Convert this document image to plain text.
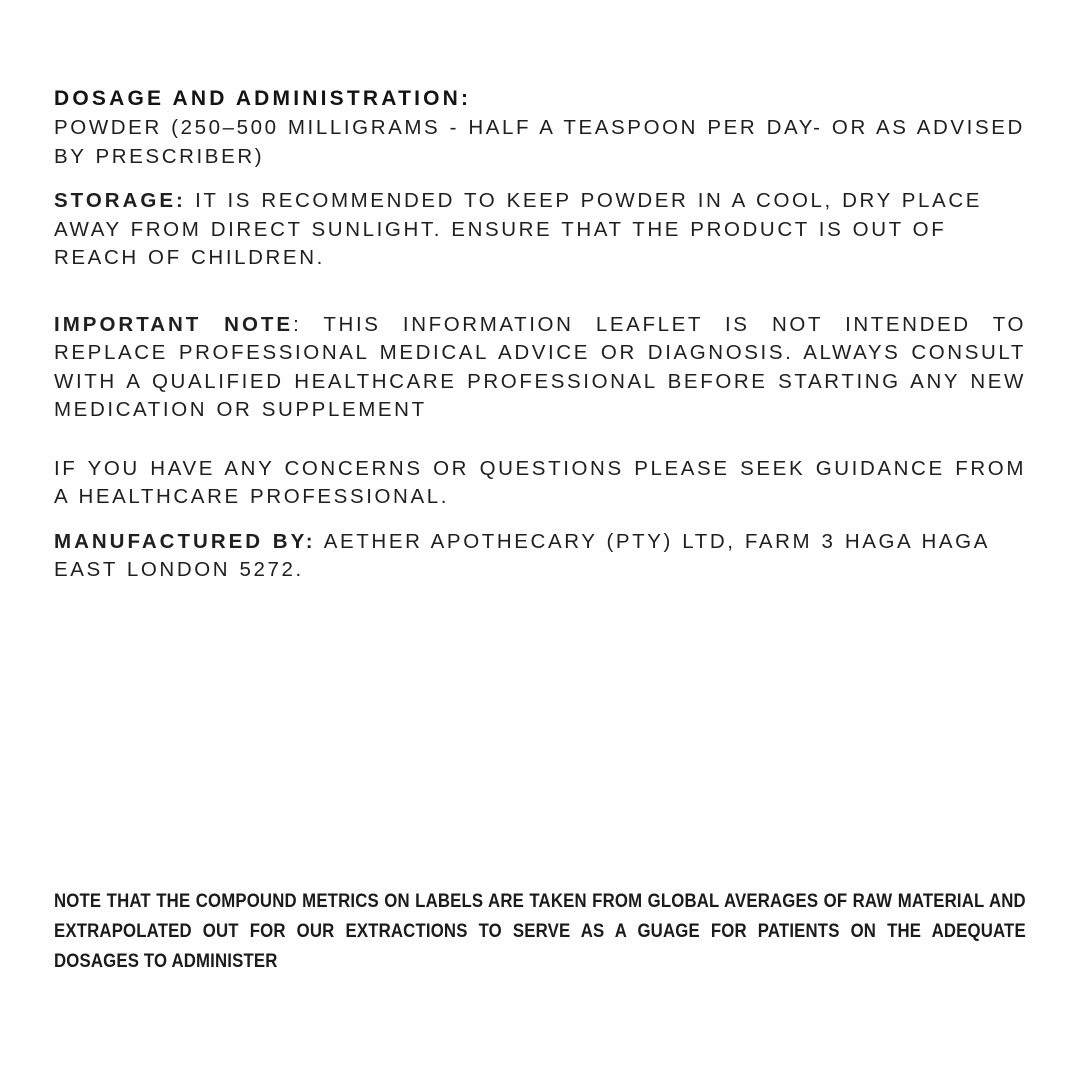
DOSAGE AND ADMINISTRATION:
POWDER (250–500 MILLIGRAMS - HALF A TEASPOON PER DAY- OR AS ADVISED BY PRESCRIBER)
STORAGE: IT IS RECOMMENDED TO KEEP POWDER IN A COOL, DRY PLACE AWAY FROM DIRECT SUNLIGHT. ENSURE THAT THE PRODUCT IS OUT OF REACH OF CHILDREN.
IMPORTANT NOTE: THIS INFORMATION LEAFLET IS NOT INTENDED TO REPLACE PROFESSIONAL MEDICAL ADVICE OR DIAGNOSIS. ALWAYS CONSULT WITH A QUALIFIED HEALTHCARE PROFESSIONAL BEFORE STARTING ANY NEW MEDICATION OR SUPPLEMENT
IF YOU HAVE ANY CONCERNS OR QUESTIONS PLEASE SEEK GUIDANCE FROM A HEALTHCARE PROFESSIONAL.
MANUFACTURED BY: AETHER APOTHECARY (PTY) LTD, FARM 3 HAGA HAGA EAST LONDON 5272.
NOTE THAT THE COMPOUND METRICS ON LABELS ARE TAKEN FROM GLOBAL AVERAGES OF RAW MATERIAL AND EXTRAPOLATED OUT FOR OUR EXTRACTIONS TO SERVE AS A GUAGE FOR PATIENTS ON THE ADEQUATE DOSAGES TO ADMINISTER
